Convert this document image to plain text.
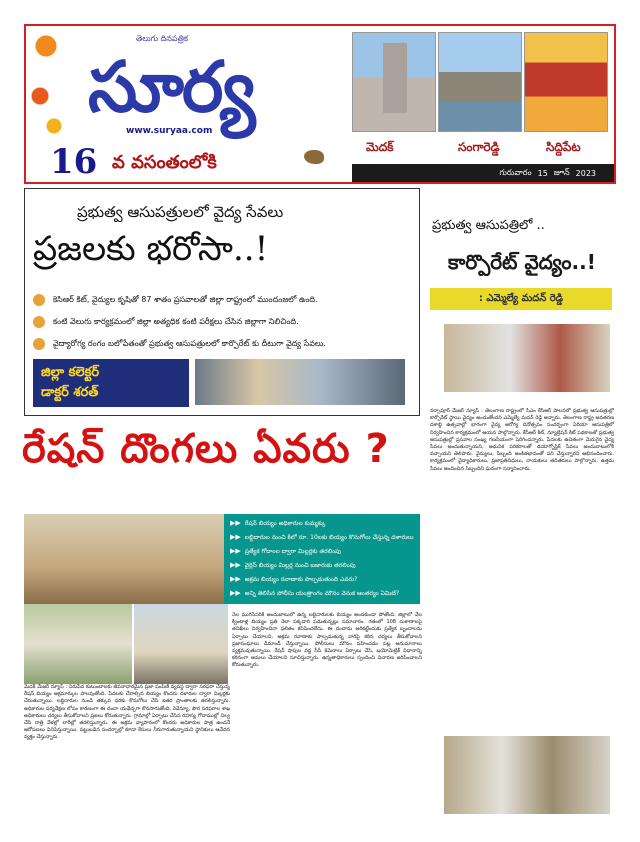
తెలుగు దినపత్రిక
సూర్య
www.suryaa.com
మెదక్	సంగారెడ్డి	సిద్దిపేట
16 వ వసంతంలోకి	గురువారం 15 జూన్ 2023
ప్రభుత్వ ఆసుపత్రులలో వైద్య సేవలు
ప్రజలకు భరోసా..!
కెసిఆర్ కిట్, వైద్యుల కృషితో 87 శాతం ప్రసవాలతో జిల్లా రాష్ట్రంలో ముందంజలో ఉంది.
కంటి వెలుగు కార్యక్రమంలో జిల్లా అత్యధిక కంటి పరీక్షలు చేసిన జిల్లాగా నిలిచింది.
వైద్యారోగ్య రంగం బలోపేతంతో ప్రభుత్వ ఆసుపత్రులలో కార్పొరేట్ కు దీటుగా వైద్య సేవలు.
జిల్లా కలెక్టర్
డాక్టర్ శరత్
రేషన్ దొంగలు ఏవరు ?
▶▶ రేషన్ బియ్యం అధికారుల కుమ్మక్కు
▶▶ లబ్దిదారుల నుంచి కిలో రూ. 10లకు బియ్యం కొనుగోలు చేస్తున్న దళారులు
▶▶ ప్రత్యేక గోదాంల ద్వారా మిల్లర్లకు తరలింపు
▶▶ వైర్లెస్ బియ్యం మిల్లర్ల నుంచి బజారుకు తరలింపు
▶▶ అక్రమ బియ్యం రవాణాకు పాల్పడుతుంది ఎవరు?
▶▶ అన్ని తెలిసిన పోలీసు యంత్రాంగం మౌనం వెనుక ఆంతర్యం ఏమిటి?
మెదక్ మేజర్ న్యూస్ : నిరుపేద కుటుంబాలకు జీవనాధారమైన ప్రజా పంపిణీ వ్యవస్థ ద్వారా సరఫరా చేస్తున్న రేషన్ బియ్యం అక్రమార్కుల పాలవుతోంది. పేదలకు చేరాల్సిన బియ్యం కొందరు దళారుల ద్వారా మిల్లర్లకు చేరుతున్నాయి. లబ్దిదారుల నుండి తక్కువ ధరకు కొనుగోలు చేసి ఇతర ప్రాంతాలకు తరలిస్తున్నారు. అధికారుల పర్యవేక్షణ లోపం కారణంగా ఈ దందా యథేచ్ఛగా కొనసాగుతోంది. రెవెన్యూ, పౌర సరఫరాల శాఖ అధికారులు చర్యలు తీసుకోవాలని ప్రజలు కోరుతున్నారు. గ్రామాల్లో ఏర్పాటు చేసిన రహస్య గోదాముల్లో నిల్వ చేసి రాత్రి వేళల్లో లారీల్లో తరలిస్తున్నారు. ఈ అక్రమ వ్యాపారంలో కొందరు అధికారుల పాత్ర ఉందనే ఆరోపణలు వినిపిస్తున్నాయి. పట్టుబడిన సందర్భాల్లో కూడా కేసులు నీరుగారుతున్నాయని స్థానికులు ఆవేదన వ్యక్తం చేస్తున్నారు.
నెల ముగిసేసరికి అందుబాటులో ఉన్న లబ్దిదారులకు బియ్యం అందకుండా పోతోంది. జిల్లాలో వేల క్వింటాళ్ల బియ్యం ప్రతి నెలా పక్కదారి పడుతున్నట్లు సమాచారం. గతంలో 108 దుకాణాలపై తనిఖీలు నిర్వహించినా ఫలితం కనిపించలేదు. ఈ దందాను అరికట్టేందుకు ప్రత్యేక బృందాలను ఏర్పాటు చేయాలని, అక్రమ రవాణాకు పాల్పడుతున్న వారిపై కఠిన చర్యలు తీసుకోవాలని ప్రజాసంఘాలు డిమాండ్ చేస్తున్నాయి. పోలీసులు మౌనం వహించడం పట్ల అనుమానాలు వ్యక్తమవుతున్నాయి. రేషన్ షాపుల వద్ద సీసీ కెమెరాలు ఏర్పాటు చేసి, బయోమెట్రిక్ విధానాన్ని కఠినంగా అమలు చేయాలని సూచిస్తున్నారు. ఉన్నతాధికారులు స్పందించి విచారణ జరిపించాలని కోరుతున్నారు.
ప్రభుత్వ ఆసుపత్రిలో ..
కార్పొరేట్ వైద్యం..!
: ఎమ్మెల్యే మదన్ రెడ్డి
నర్సాపూర్ మేజర్ న్యూస్ : తెలంగాణ రాష్ట్రంలో సీఎం కేసీఆర్ పాలనలో ప్రభుత్వ ఆసుపత్రుల్లో కార్పొరేట్ స్థాయి వైద్యం అందుతోందని ఎమ్మెల్యే మదన్ రెడ్డి అన్నారు. తెలంగాణ రాష్ట్ర అవతరణ దశాబ్ది ఉత్సవాల్లో భాగంగా వైద్య ఆరోగ్య దినోత్సవం సందర్భంగా ఏరియా ఆసుపత్రిలో నిర్వహించిన కార్యక్రమంలో ఆయన పాల్గొన్నారు. కేసీఆర్ కిట్, న్యూట్రిషన్ కిట్ పథకాలతో ప్రభుత్వ ఆసుపత్రుల్లో ప్రసవాల సంఖ్య గణనీయంగా పెరిగిందన్నారు. పేదలకు ఉచితంగా మెరుగైన వైద్య సేవలు అందుతున్నాయని, ఆధునిక పరికరాలతో డయాగ్నోస్టిక్ సేవలు అందుబాటులోకి వచ్చాయని తెలిపారు. వైద్యులు, సిబ్బంది అంకితభావంతో పని చేస్తున్నారని అభినందించారు. కార్యక్రమంలో వైద్యాధికారులు, ప్రజాప్రతినిధులు, నాయకులు తదితరులు పాల్గొన్నారు. ఉత్తమ సేవలు అందించిన సిబ్బందిని ఘనంగా సన్మానించారు.
